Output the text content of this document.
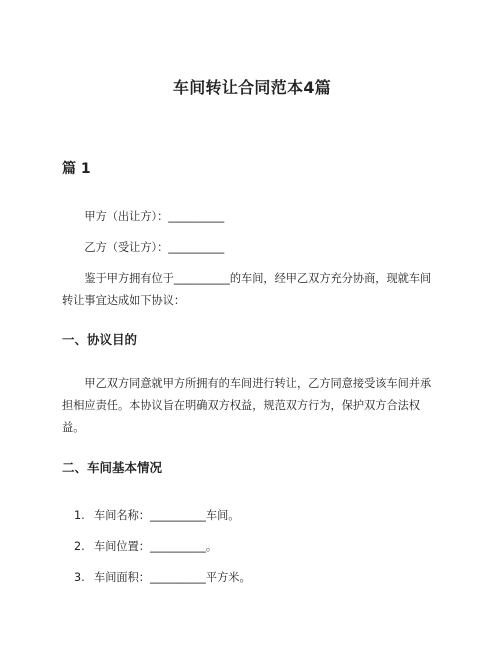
车间转让合同范本4篇
篇 1

甲方（出让方）：__________

乙方（受让方）：__________

鉴于甲方拥有位于__________的车间，经甲乙双方充分协商，现就车间转让事宜达成如下协议：

一、协议目的

甲乙双方同意就甲方所拥有的车间进行转让，乙方同意接受该车间并承担相应责任。本协议旨在明确双方权益，规范双方行为，保护双方合法权益。

二、车间基本情况
1. 车间名称：__________车间。
2. 车间位置：__________。
3. 车间面积：__________平方米。
